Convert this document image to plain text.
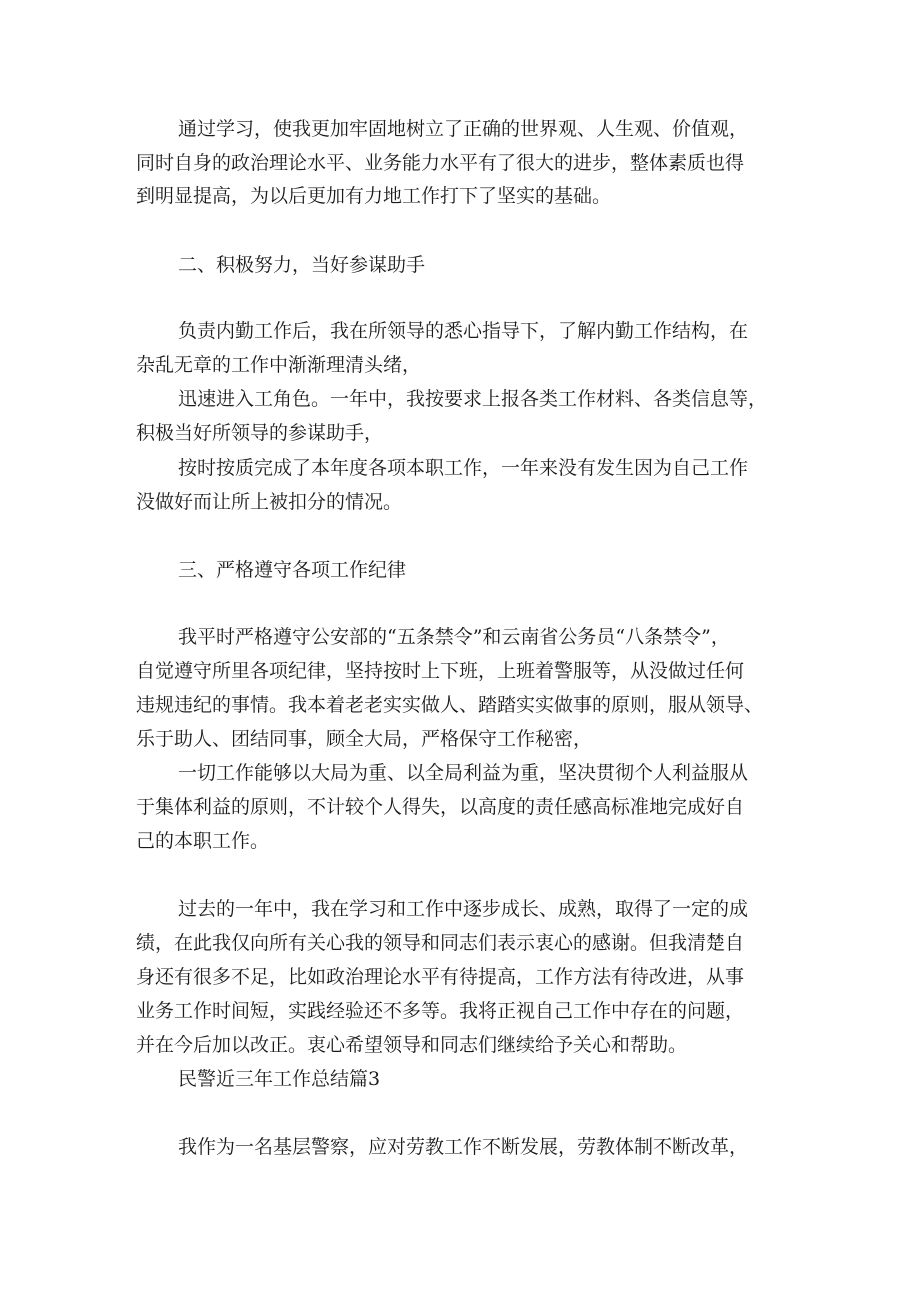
通过学习，使我更加牢固地树立了正确的世界观、人生观、价值观，
同时自身的政治理论水平、业务能力水平有了很大的进步，整体素质也得
到明显提高，为以后更加有力地工作打下了坚实的基础。
二、积极努力，当好参谋助手
负责内勤工作后，我在所领导的悉心指导下，了解内勤工作结构，在
杂乱无章的工作中渐渐理清头绪，
迅速进入工角色。一年中，我按要求上报各类工作材料、各类信息等，
积极当好所领导的参谋助手，
按时按质完成了本年度各项本职工作，一年来没有发生因为自己工作
没做好而让所上被扣分的情况。
三、严格遵守各项工作纪律
我平时严格遵守公安部的“五条禁令”和云南省公务员“八条禁令”，
自觉遵守所里各项纪律，坚持按时上下班，上班着警服等，从没做过任何
违规违纪的事情。我本着老老实实做人、踏踏实实做事的原则，服从领导、
乐于助人、团结同事，顾全大局，严格保守工作秘密，
一切工作能够以大局为重、以全局利益为重，坚决贯彻个人利益服从
于集体利益的原则，不计较个人得失，以高度的责任感高标准地完成好自
己的本职工作。
过去的一年中，我在学习和工作中逐步成长、成熟，取得了一定的成
绩，在此我仅向所有关心我的领导和同志们表示衷心的感谢。但我清楚自
身还有很多不足，比如政治理论水平有待提高，工作方法有待改进，从事
业务工作时间短，实践经验还不多等。我将正视自己工作中存在的问题，
并在今后加以改正。衷心希望领导和同志们继续给予关心和帮助。
民警近三年工作总结篇3
我作为一名基层警察，应对劳教工作不断发展，劳教体制不断改革，
